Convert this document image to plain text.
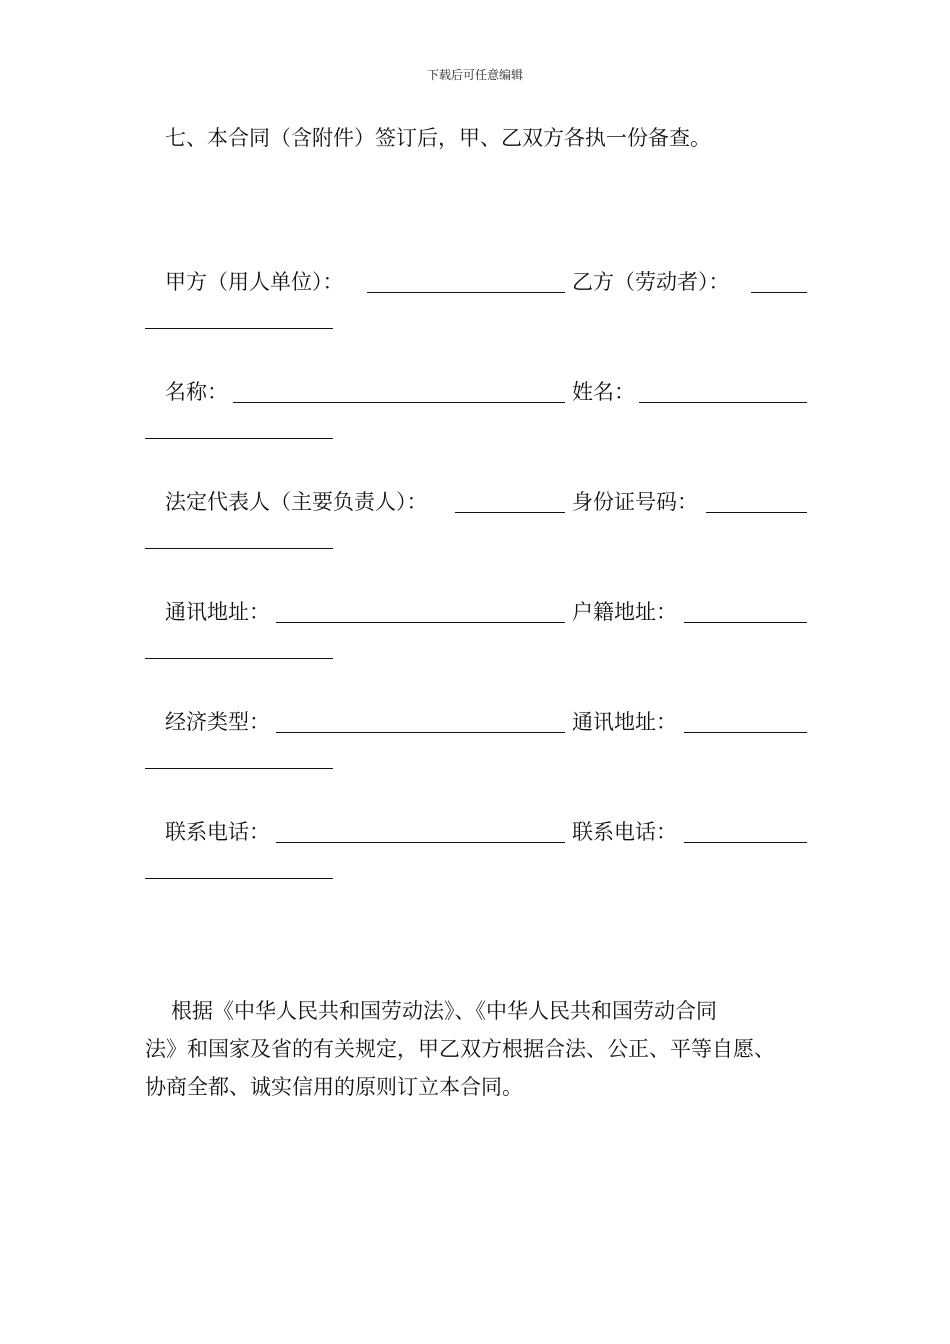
下载后可任意编辑
七、本合同（含附件）签订后，甲、乙双方各执一份备查。
甲方（用人单位）：	乙方（劳动者）：
名称：	姓名：
法定代表人（主要负责人）：	身份证号码：
通讯地址：	户籍地址：
经济类型：	通讯地址：
联系电话：	联系电话：
根据《中华人民共和国劳动法》、《中华人民共和国劳动合同
法》和国家及省的有关规定，甲乙双方根据合法、公正、平等自愿、
协商全都、诚实信用的原则订立本合同。
